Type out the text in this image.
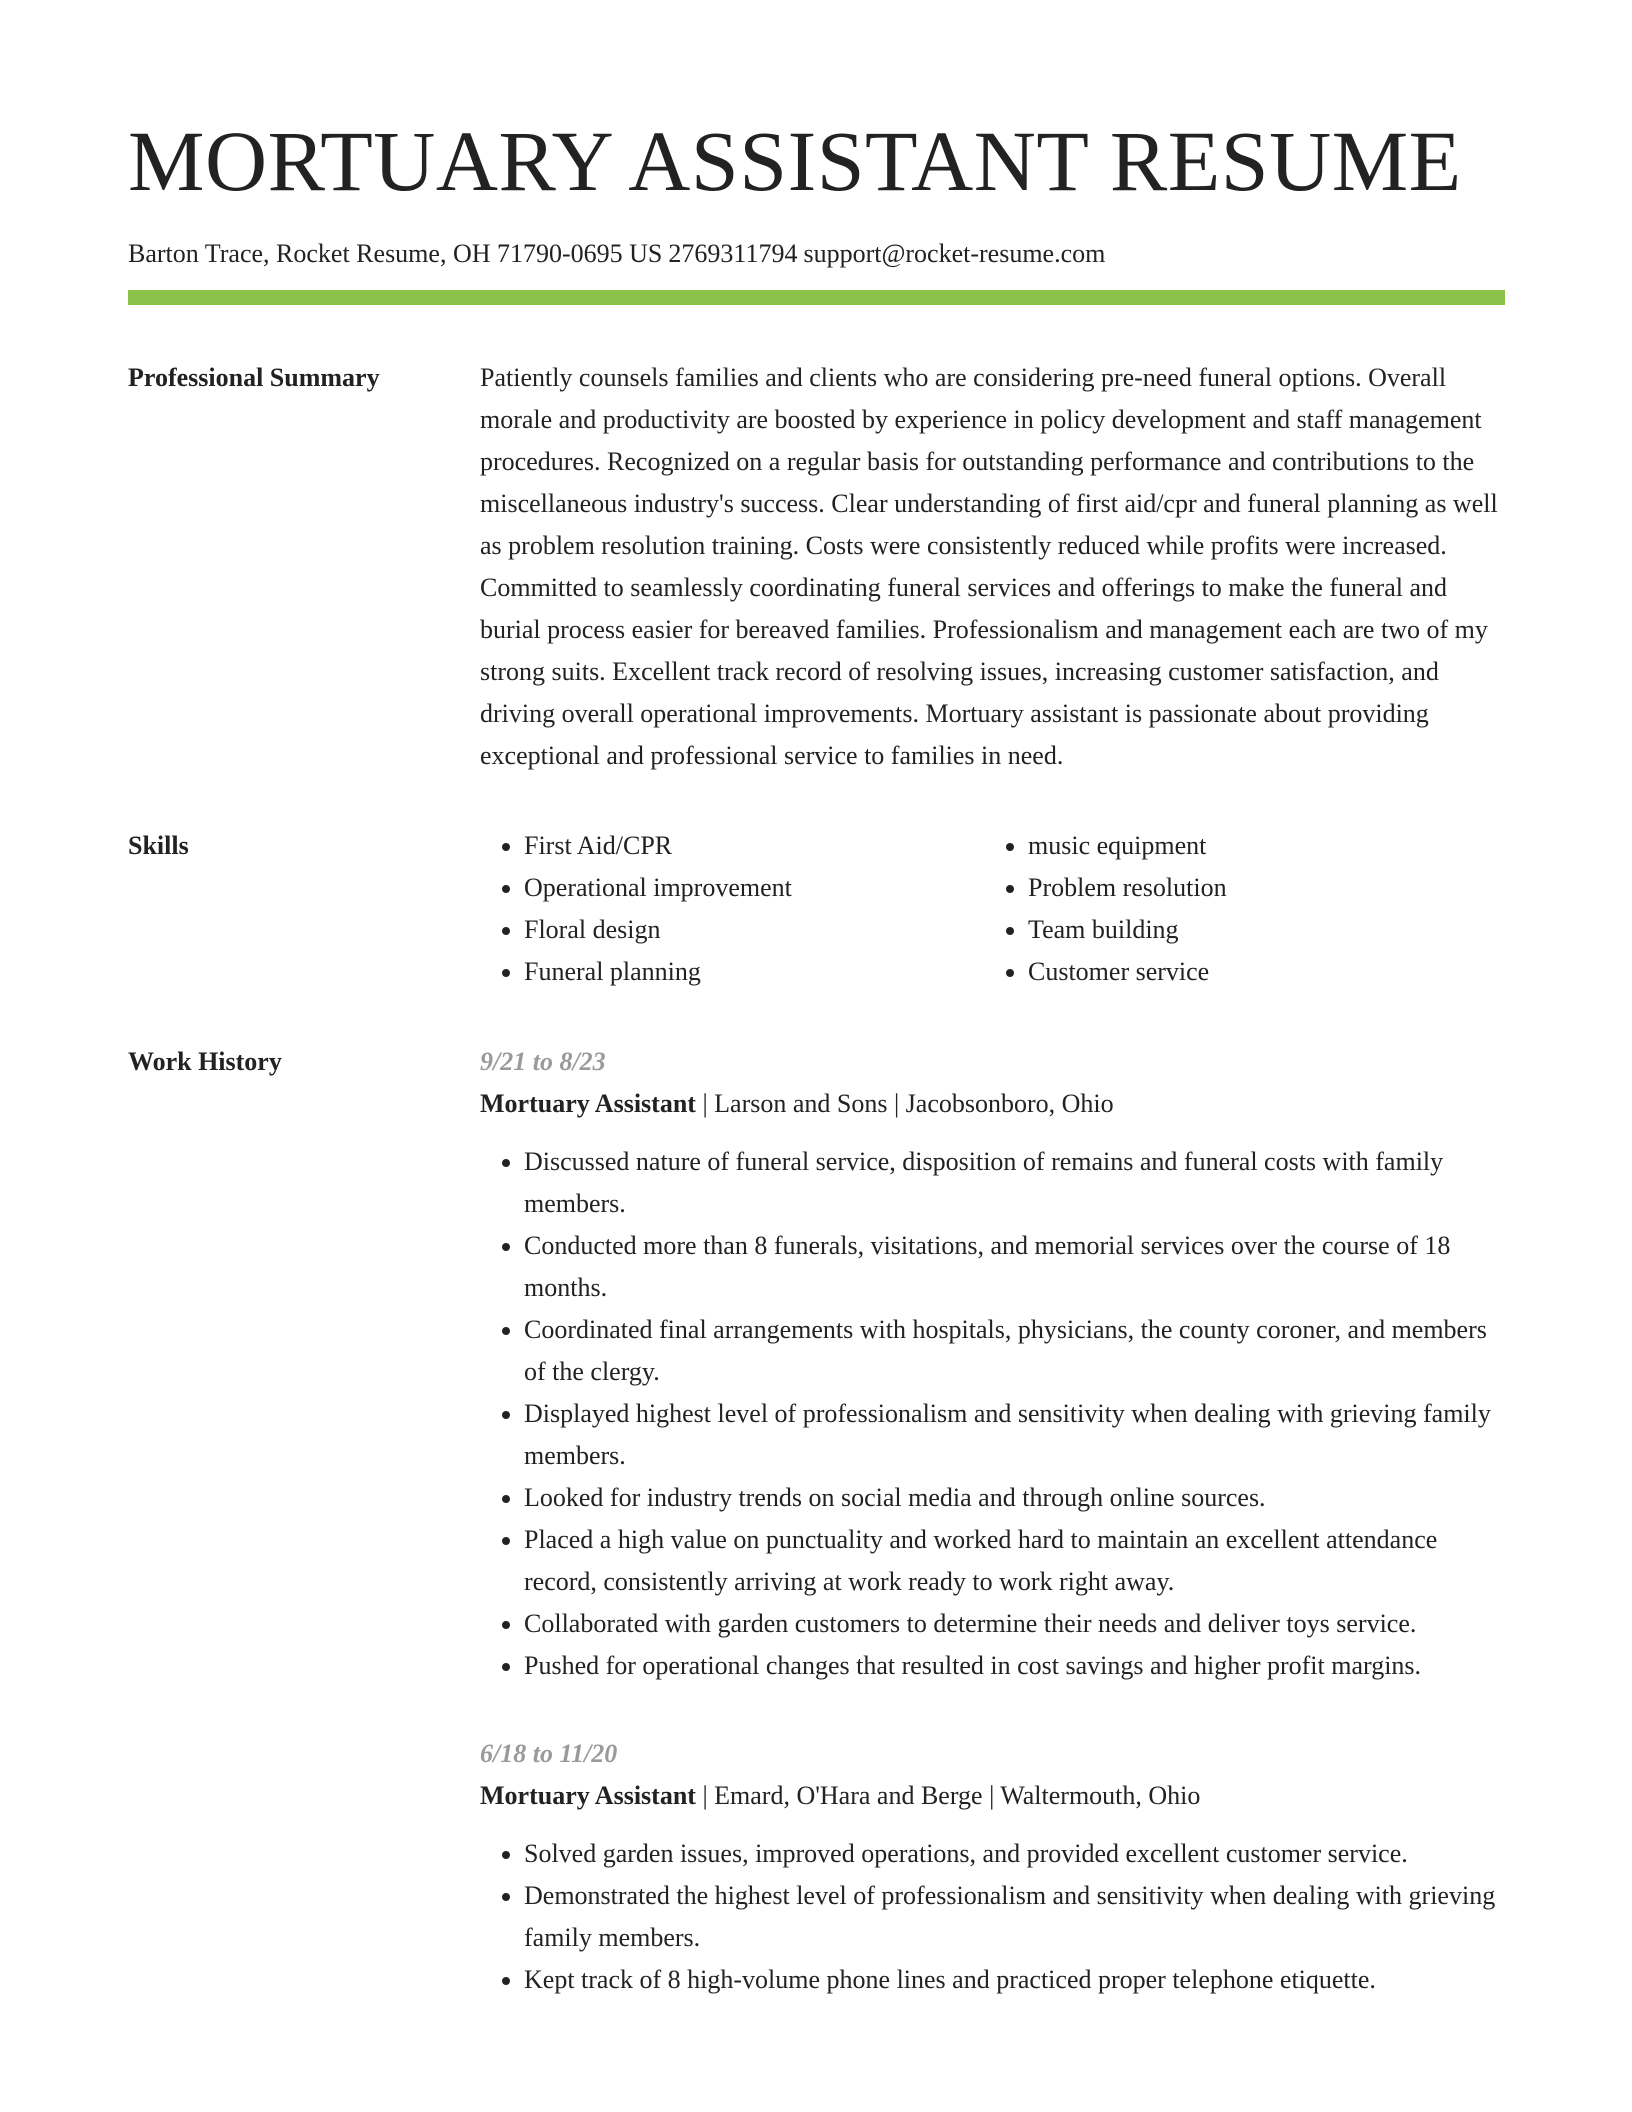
MORTUARY ASSISTANT RESUME
Barton Trace, Rocket Resume, OH 71790-0695 US 2769311794 support@rocket-resume.com
Professional Summary	Patiently counsels families and clients who are considering pre-need funeral options. Overall morale and productivity are boosted by experience in policy development and staff management procedures. Recognized on a regular basis for outstanding performance and contributions to the miscellaneous industry's success. Clear understanding of first aid/cpr and funeral planning as well as problem resolution training. Costs were consistently reduced while profits were increased. Committed to seamlessly coordinating funeral services and offerings to make the funeral and burial process easier for bereaved families. Professionalism and management each are two of my strong suits. Excellent track record of resolving issues, increasing customer satisfaction, and driving overall operational improvements. Mortuary assistant is passionate about providing exceptional and professional service to families in need.

Skills
•	First Aid/CPR
• Operational improvement
• Floral design
• Funeral planning
• music equipment
• Problem resolution
• Team building
• Customer service
Work History	9/21 to 8/23
Mortuary Assistant | Larson and Sons | Jacobsonboro, Ohio
• Discussed nature of funeral service, disposition of remains and funeral costs with family members.
• Conducted more than 8 funerals, visitations, and memorial services over the course of 18 months.
• Coordinated final arrangements with hospitals, physicians, the county coroner, and members of the clergy.
• Displayed highest level of professionalism and sensitivity when dealing with grieving family members.
• Looked for industry trends on social media and through online sources.
• Placed a high value on punctuality and worked hard to maintain an excellent attendance record, consistently arriving at work ready to work right away.
• Collaborated with garden customers to determine their needs and deliver toys service.
• Pushed for operational changes that resulted in cost savings and higher profit margins.
6/18 to 11/20
Mortuary Assistant | Emard, O'Hara and Berge | Waltermouth, Ohio
• Solved garden issues, improved operations, and provided excellent customer service.
• Demonstrated the highest level of professionalism and sensitivity when dealing with grieving family members.
• Kept track of 8 high-volume phone lines and practiced proper telephone etiquette.
